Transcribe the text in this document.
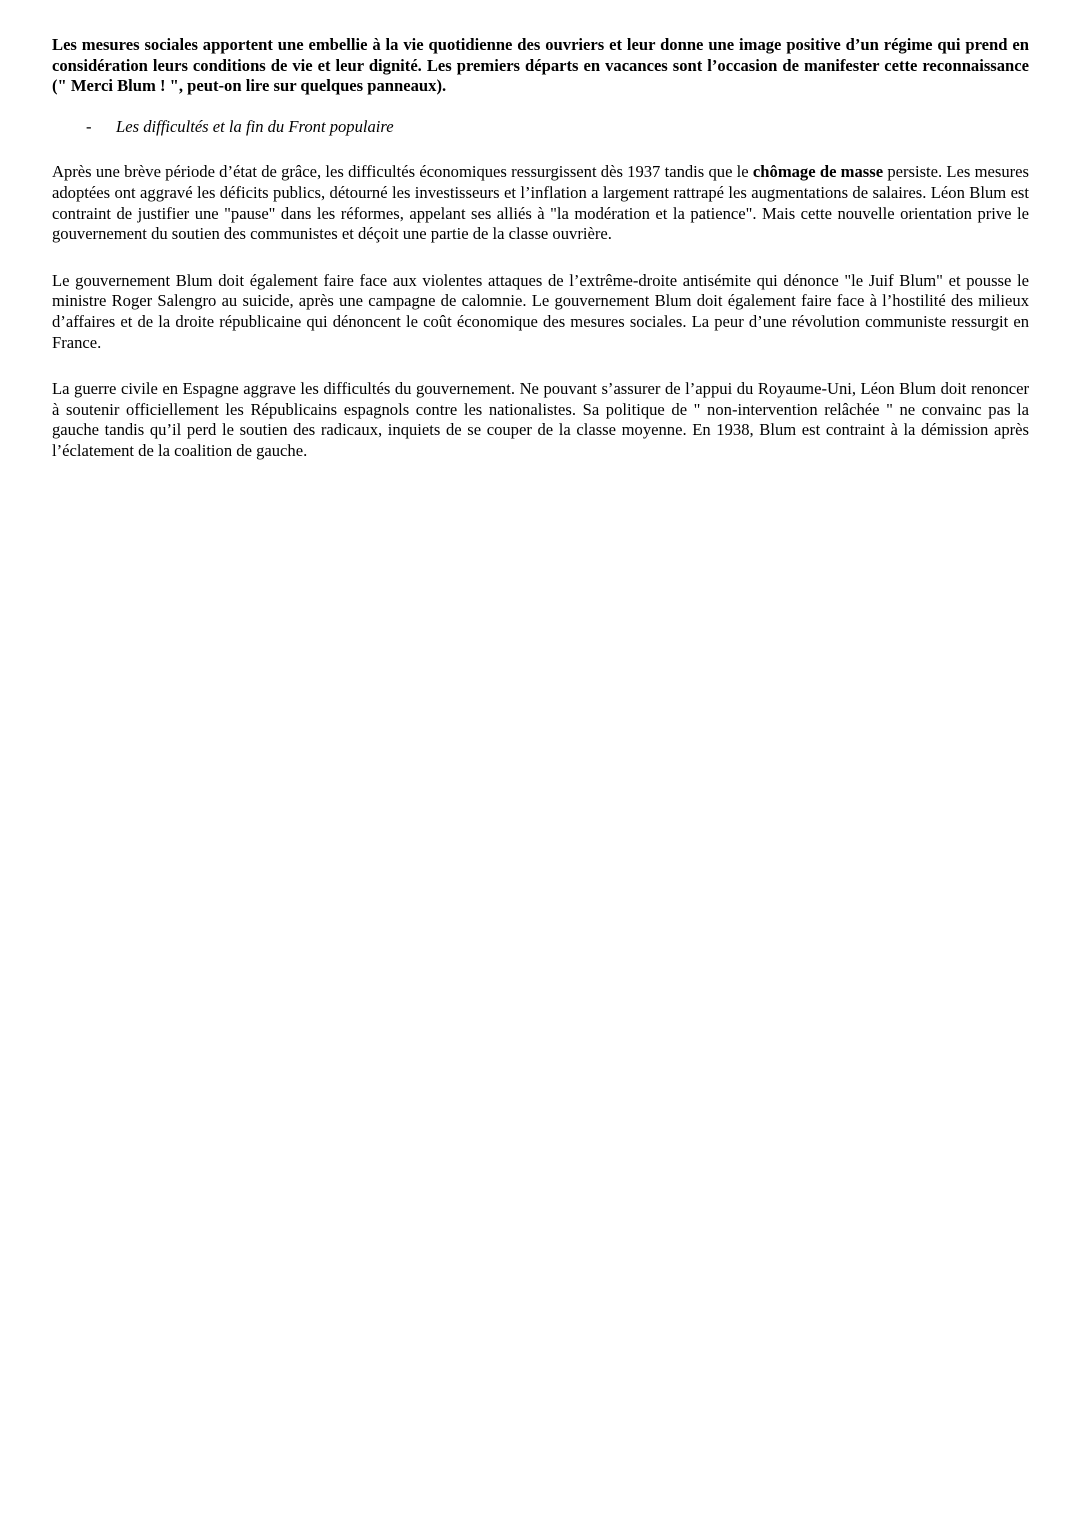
Les mesures sociales apportent une embellie à la vie quotidienne des ouvriers et leur donne une image positive d’un régime qui prend en considération leurs conditions de vie et leur dignité. Les premiers départs en vacances sont l’occasion de manifester cette reconnaissance (" Merci Blum ! ", peut-on lire sur quelques panneaux).

-	Les difficultés et la fin du Front populaire

Après une brève période d’état de grâce, les difficultés économiques ressurgissent dès 1937 tandis que le chômage de masse persiste. Les mesures adoptées ont aggravé les déficits publics, détourné les investisseurs et l’inflation a largement rattrapé les augmentations de salaires. Léon Blum est contraint de justifier une "pause" dans les réformes, appelant ses alliés à "la modération et la patience". Mais cette nouvelle orientation prive le gouvernement du soutien des communistes et déçoit une partie de la classe ouvrière.

Le gouvernement Blum doit également faire face aux violentes attaques de l’extrême-droite antisémite qui dénonce "le Juif Blum" et pousse le ministre Roger Salengro au suicide, après une campagne de calomnie. Le gouvernement Blum doit également faire face à l’hostilité des milieux d’affaires et de la droite républicaine qui dénoncent le coût économique des mesures sociales. La peur d’une révolution communiste ressurgit en France.

La guerre civile en Espagne aggrave les difficultés du gouvernement. Ne pouvant s’assurer de l’appui du Royaume-Uni, Léon Blum doit renoncer à soutenir officiellement les Républicains espagnols contre les nationalistes. Sa politique de " non-intervention relâchée " ne convainc pas la gauche tandis qu’il perd le soutien des radicaux, inquiets de se couper de la classe moyenne. En 1938, Blum est contraint à la démission après l’éclatement de la coalition de gauche.
